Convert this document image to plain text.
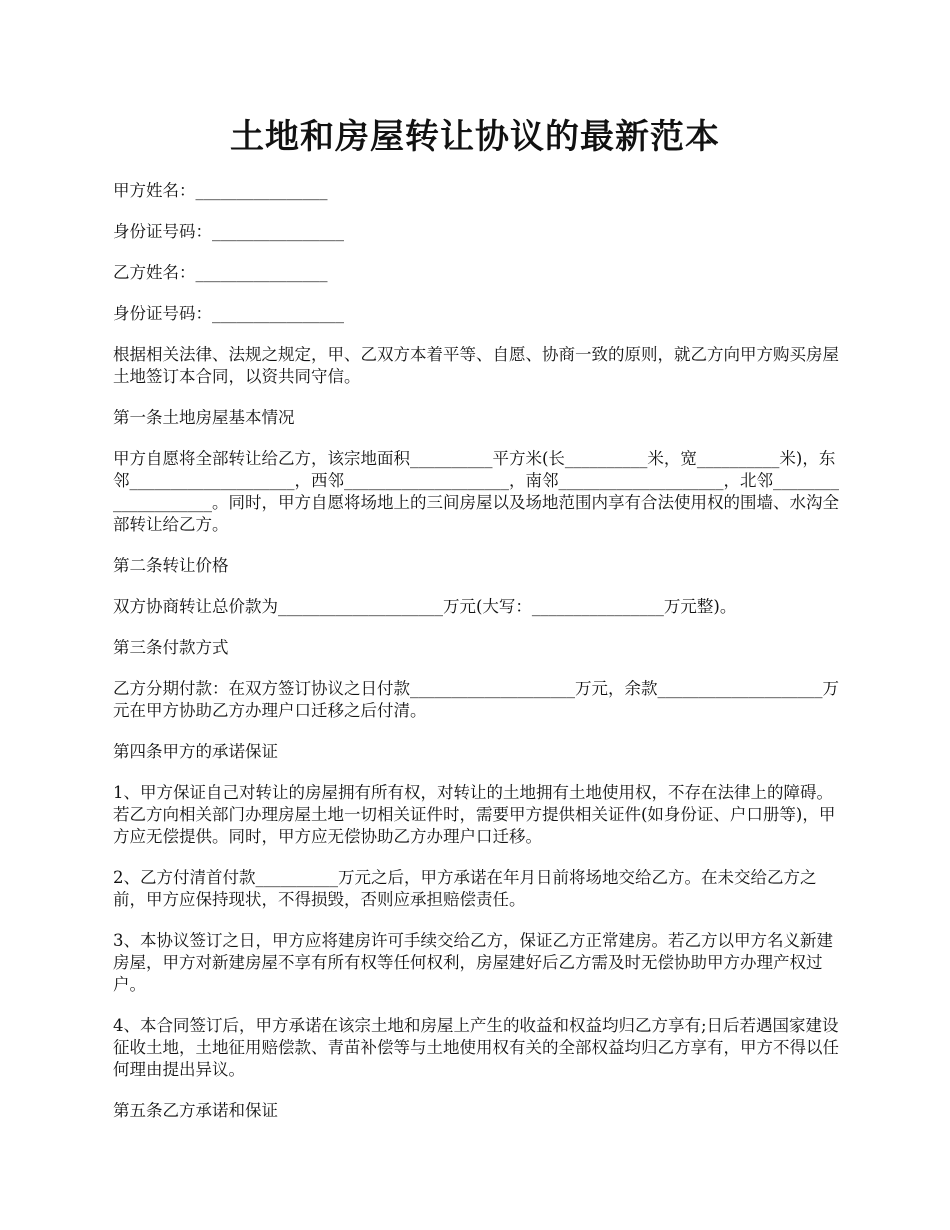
土地和房屋转让协议的最新范本

甲方姓名：________________

身份证号码：________________

乙方姓名：________________

身份证号码：________________

根据相关法律、法规之规定，甲、乙双方本着平等、自愿、协商一致的原则，就乙方向甲方购买房屋土地签订本合同，以资共同守信。

第一条土地房屋基本情况

甲方自愿将全部转让给乙方，该宗地面积__________平方米(长__________米，宽__________米)，东邻____________________，西邻____________________，南邻____________________，北邻____________________。同时，甲方自愿将场地上的三间房屋以及场地范围内享有合法使用权的围墙、水沟全部转让给乙方。

第二条转让价格

双方协商转让总价款为____________________万元(大写：________________万元整)。

第三条付款方式

乙方分期付款：在双方签订协议之日付款____________________万元，余款____________________万元在甲方协助乙方办理户口迁移之后付清。

第四条甲方的承诺保证

1、甲方保证自己对转让的房屋拥有所有权，对转让的土地拥有土地使用权，不存在法律上的障碍。若乙方向相关部门办理房屋土地一切相关证件时，需要甲方提供相关证件(如身份证、户口册等)，甲方应无偿提供。同时，甲方应无偿协助乙方办理户口迁移。

2、乙方付清首付款__________万元之后，甲方承诺在年月日前将场地交给乙方。在未交给乙方之前，甲方应保持现状，不得损毁，否则应承担赔偿责任。

3、本协议签订之日，甲方应将建房许可手续交给乙方，保证乙方正常建房。若乙方以甲方名义新建房屋，甲方对新建房屋不享有所有权等任何权利，房屋建好后乙方需及时无偿协助甲方办理产权过户。

4、本合同签订后，甲方承诺在该宗土地和房屋上产生的收益和权益均归乙方享有;日后若遇国家建设征收土地，土地征用赔偿款、青苗补偿等与土地使用权有关的全部权益均归乙方享有，甲方不得以任何理由提出异议。

第五条乙方承诺和保证
